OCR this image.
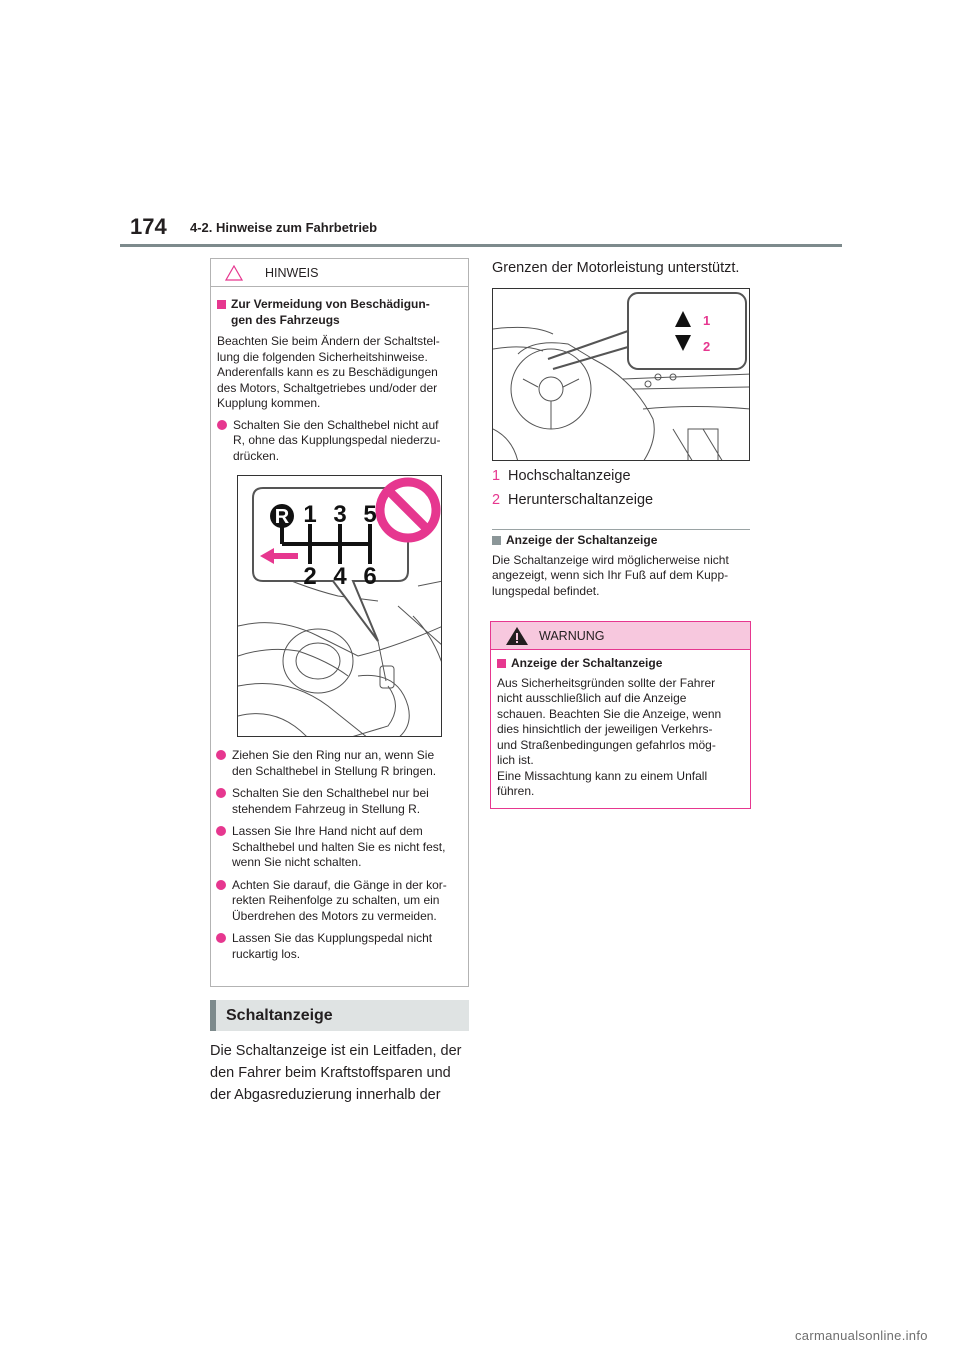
174 4-2. Hinweise zum Fahrbetrieb
HINWEIS
Zur Vermeidung von Beschädigun-
gen des Fahrzeugs
Beachten Sie beim Ändern der Schaltstel-
lung die folgenden Sicherheitshinweise.
Anderenfalls kann es zu Beschädigungen
des Motors, Schaltgetriebes und/oder der
Kupplung kommen.
Schalten Sie den Schalthebel nicht auf
R, ohne das Kupplungspedal niederzu-
drücken.
R 1 3 5
2 4 6
Ziehen Sie den Ring nur an, wenn Sie
den Schalthebel in Stellung R bringen.
Schalten Sie den Schalthebel nur bei
stehendem Fahrzeug in Stellung R.
Lassen Sie Ihre Hand nicht auf dem
Schalthebel und halten Sie es nicht fest,
wenn Sie nicht schalten.
Achten Sie darauf, die Gänge in der kor-
rekten Reihenfolge zu schalten, um ein
Überdrehen des Motors zu vermeiden.
Lassen Sie das Kupplungspedal nicht
ruckartig los.
Schaltanzeige

Die Schaltanzeige ist ein Leitfaden, der
den Fahrer beim Kraftstoffsparen und
der Abgasreduzierung innerhalb der

Grenzen der Motorleistung unterstützt.

1
2
1 Hochschaltanzeige
2 Herunterschaltanzeige
Anzeige der Schaltanzeige
Die Schaltanzeige wird möglicherweise nicht
angezeigt, wenn sich Ihr Fuß auf dem Kupp-
lungspedal befindet.
WARNUNG
Anzeige der Schaltanzeige
Aus Sicherheitsgründen sollte der Fahrer
nicht ausschließlich auf die Anzeige
schauen. Beachten Sie die Anzeige, wenn
dies hinsichtlich der jeweiligen Verkehrs-
und Straßenbedingungen gefahrlos mög-
lich ist.
Eine Missachtung kann zu einem Unfall
führen.
carmanualsonline.info
